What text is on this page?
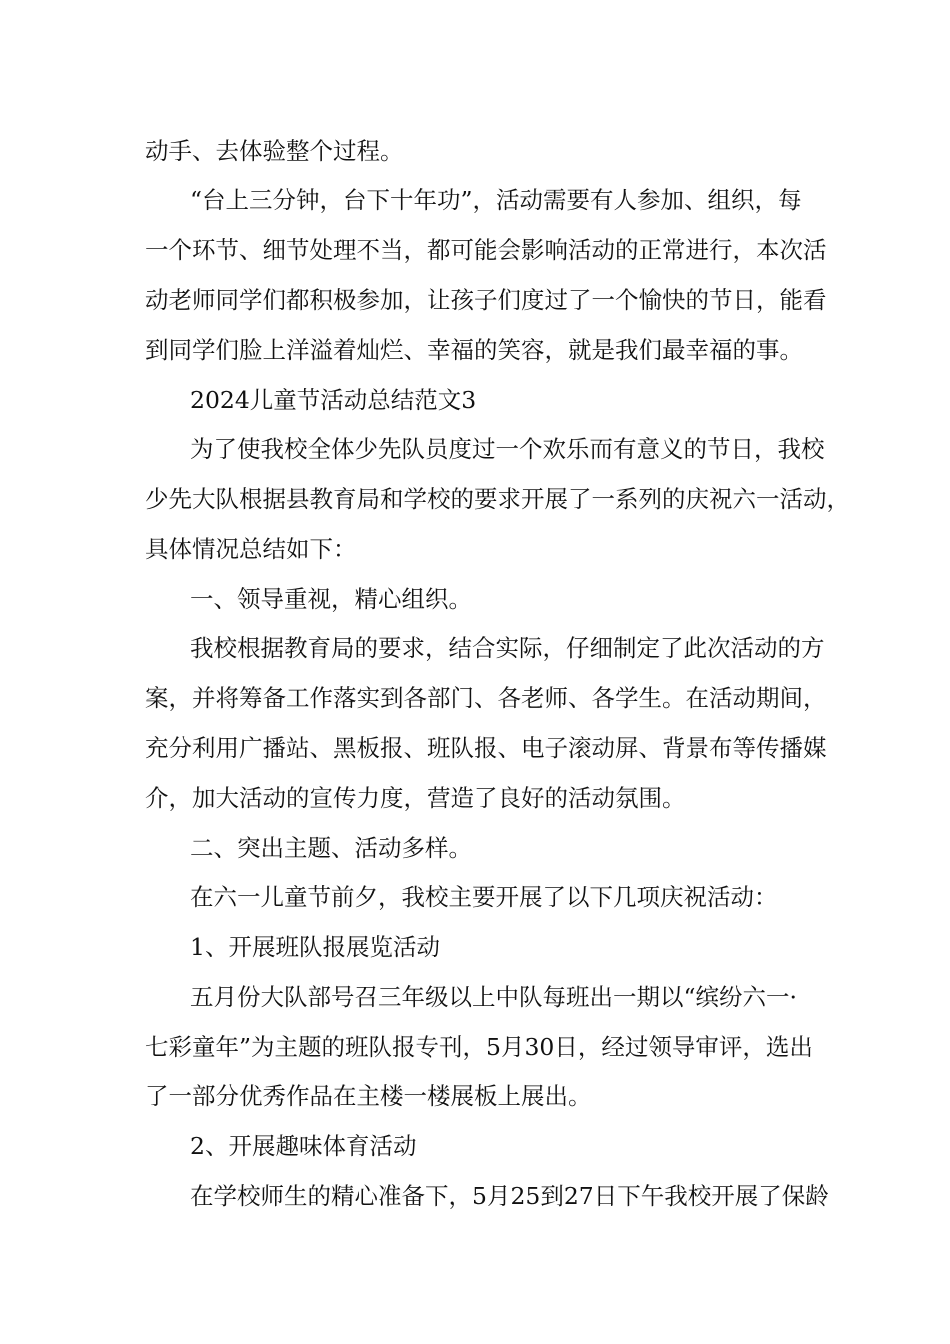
动手、去体验整个过程。
“台上三分钟，台下十年功”，活动需要有人参加、组织，每
一个环节、细节处理不当，都可能会影响活动的正常进行，本次活
动老师同学们都积极参加，让孩子们度过了一个愉快的节日，能看
到同学们脸上洋溢着灿烂、幸福的笑容，就是我们最幸福的事。
2024儿童节活动总结范文3
为了使我校全体少先队员度过一个欢乐而有意义的节日，我校
少先大队根据县教育局和学校的要求开展了一系列的庆祝六一活动，
具体情况总结如下：
一、领导重视，精心组织。
我校根据教育局的要求，结合实际，仔细制定了此次活动的方
案，并将筹备工作落实到各部门、各老师、各学生。在活动期间，
充分利用广播站、黑板报、班队报、电子滚动屏、背景布等传播媒
介，加大活动的宣传力度，营造了良好的活动氛围。
二、突出主题、活动多样。
在六一儿童节前夕，我校主要开展了以下几项庆祝活动：
1、开展班队报展览活动
五月份大队部号召三年级以上中队每班出一期以“缤纷六一·
七彩童年”为主题的班队报专刊，5月30日，经过领导审评，选出
了一部分优秀作品在主楼一楼展板上展出。
2、开展趣味体育活动
在学校师生的精心准备下，5月25到27日下午我校开展了保龄
